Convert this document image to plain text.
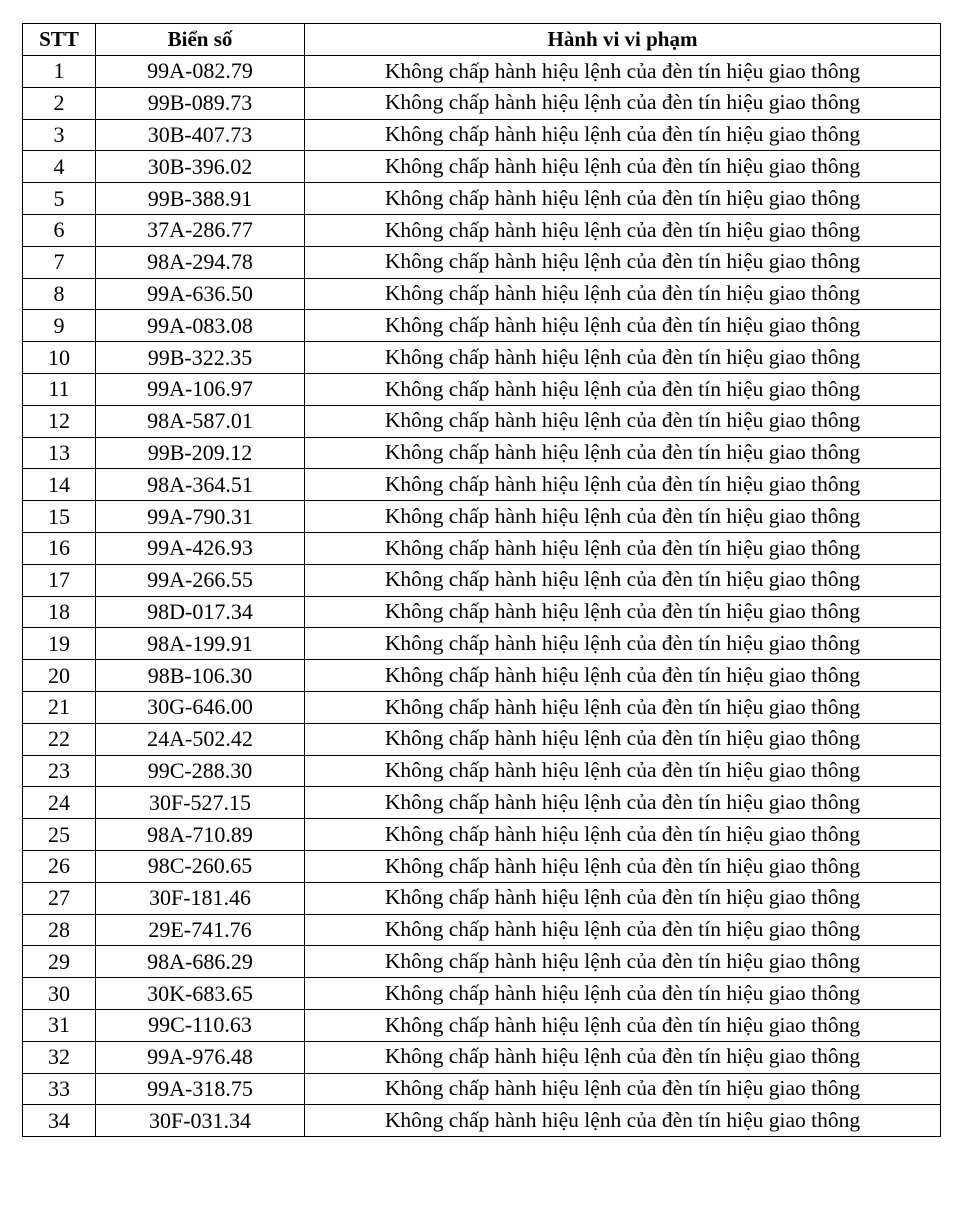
STT	Biển số	Hành vi vi phạm
1	99A-082.79	Không chấp hành hiệu lệnh của đèn tín hiệu giao thông
2	99B-089.73	Không chấp hành hiệu lệnh của đèn tín hiệu giao thông
3	30B-407.73	Không chấp hành hiệu lệnh của đèn tín hiệu giao thông
4	30B-396.02	Không chấp hành hiệu lệnh của đèn tín hiệu giao thông
5	99B-388.91	Không chấp hành hiệu lệnh của đèn tín hiệu giao thông
6	37A-286.77	Không chấp hành hiệu lệnh của đèn tín hiệu giao thông
7	98A-294.78	Không chấp hành hiệu lệnh của đèn tín hiệu giao thông
8	99A-636.50	Không chấp hành hiệu lệnh của đèn tín hiệu giao thông
9	99A-083.08	Không chấp hành hiệu lệnh của đèn tín hiệu giao thông
10	99B-322.35	Không chấp hành hiệu lệnh của đèn tín hiệu giao thông
11	99A-106.97	Không chấp hành hiệu lệnh của đèn tín hiệu giao thông
12	98A-587.01	Không chấp hành hiệu lệnh của đèn tín hiệu giao thông
13	99B-209.12	Không chấp hành hiệu lệnh của đèn tín hiệu giao thông
14	98A-364.51	Không chấp hành hiệu lệnh của đèn tín hiệu giao thông
15	99A-790.31	Không chấp hành hiệu lệnh của đèn tín hiệu giao thông
16	99A-426.93	Không chấp hành hiệu lệnh của đèn tín hiệu giao thông
17	99A-266.55	Không chấp hành hiệu lệnh của đèn tín hiệu giao thông
18	98D-017.34	Không chấp hành hiệu lệnh của đèn tín hiệu giao thông
19	98A-199.91	Không chấp hành hiệu lệnh của đèn tín hiệu giao thông
20	98B-106.30	Không chấp hành hiệu lệnh của đèn tín hiệu giao thông
21	30G-646.00	Không chấp hành hiệu lệnh của đèn tín hiệu giao thông
22	24A-502.42	Không chấp hành hiệu lệnh của đèn tín hiệu giao thông
23	99C-288.30	Không chấp hành hiệu lệnh của đèn tín hiệu giao thông
24	30F-527.15	Không chấp hành hiệu lệnh của đèn tín hiệu giao thông
25	98A-710.89	Không chấp hành hiệu lệnh của đèn tín hiệu giao thông
26	98C-260.65	Không chấp hành hiệu lệnh của đèn tín hiệu giao thông
27	30F-181.46	Không chấp hành hiệu lệnh của đèn tín hiệu giao thông
28	29E-741.76	Không chấp hành hiệu lệnh của đèn tín hiệu giao thông
29	98A-686.29	Không chấp hành hiệu lệnh của đèn tín hiệu giao thông
30	30K-683.65	Không chấp hành hiệu lệnh của đèn tín hiệu giao thông
31	99C-110.63	Không chấp hành hiệu lệnh của đèn tín hiệu giao thông
32	99A-976.48	Không chấp hành hiệu lệnh của đèn tín hiệu giao thông
33	99A-318.75	Không chấp hành hiệu lệnh của đèn tín hiệu giao thông
34	30F-031.34	Không chấp hành hiệu lệnh của đèn tín hiệu giao thông
